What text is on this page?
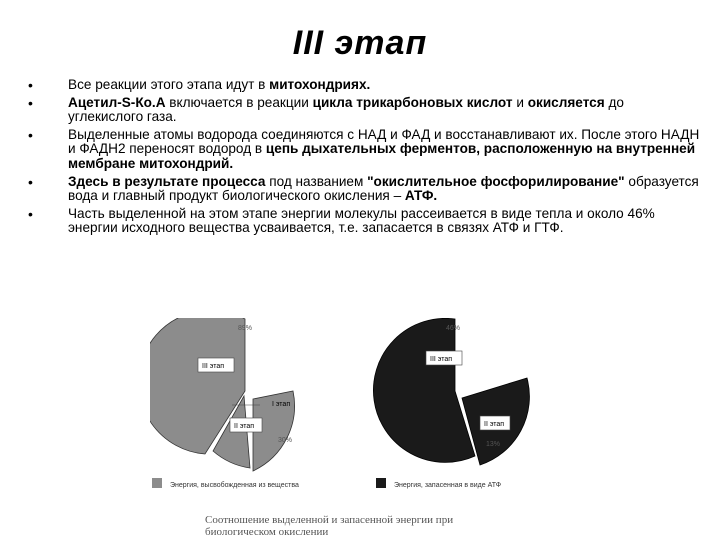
III этап
• Все реакции этого этапа идут в митохондриях.
• Ацетил-S-Ко.А включается в реакции цикла трикарбоновых кислот и окисляется до углекислого газа.
• Выделенные атомы водорода соединяются с НАД и ФАД и восстанавливают их. После этого НАДН и ФАДН2 переносят водород в цепь дыхательных ферментов, расположенную на внутренней мембране митохондрий.
• Здесь в результате процесса под названием "окислительное фосфорилирование" образуется вода и главный продукт биологического окисления – АТФ.
• Часть выделенной на этом этапе энергии молекулы рассеивается в виде тепла и около 46% энергии исходного вещества усваивается, т.е. запасается в связях АТФ и ГТФ.
89%
III этап
II этап
I этап
30%
46%
III этап
II этап
13%
Энергия, высвобожденная из вещества	Энергия, запасенная в виде АТФ
Соотношение выделенной и запасенной энергии при биологическом окислении
